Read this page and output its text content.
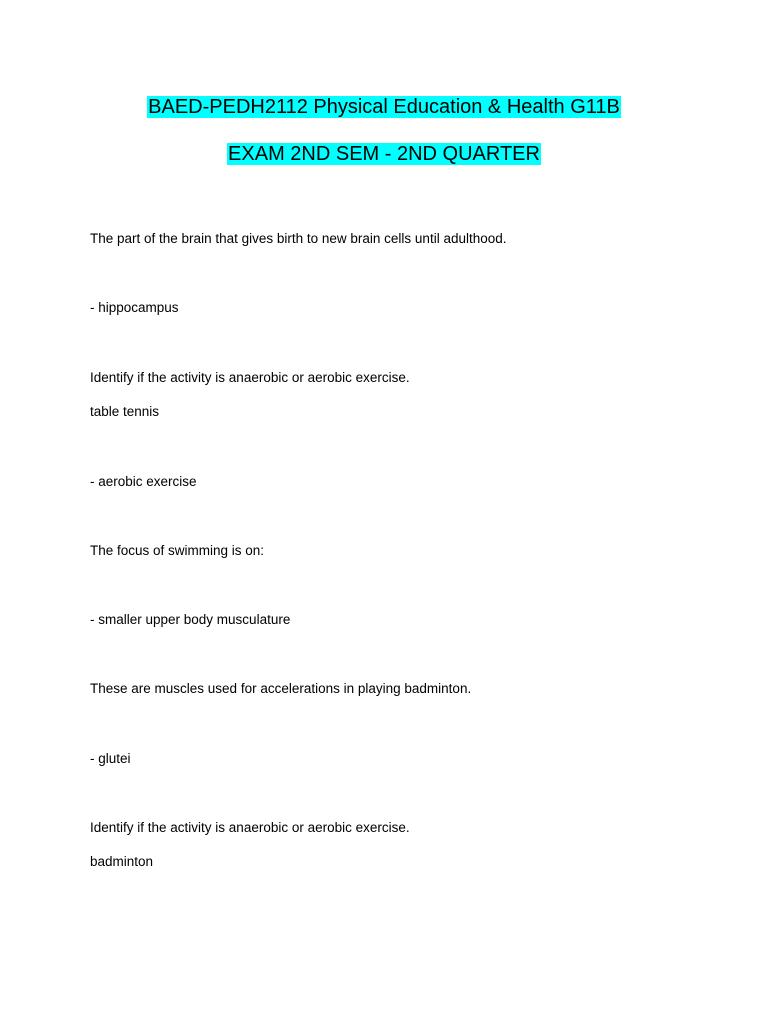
BAED-PEDH2112 Physical Education & Health G11B
EXAM 2ND SEM - 2ND QUARTER
The part of the brain that gives birth to new brain cells until adulthood.
- hippocampus
Identify if the activity is anaerobic or aerobic exercise.
table tennis
- aerobic exercise
The focus of swimming is on:
- smaller upper body musculature
These are muscles used for accelerations in playing badminton.
- glutei
Identify if the activity is anaerobic or aerobic exercise.
badminton
